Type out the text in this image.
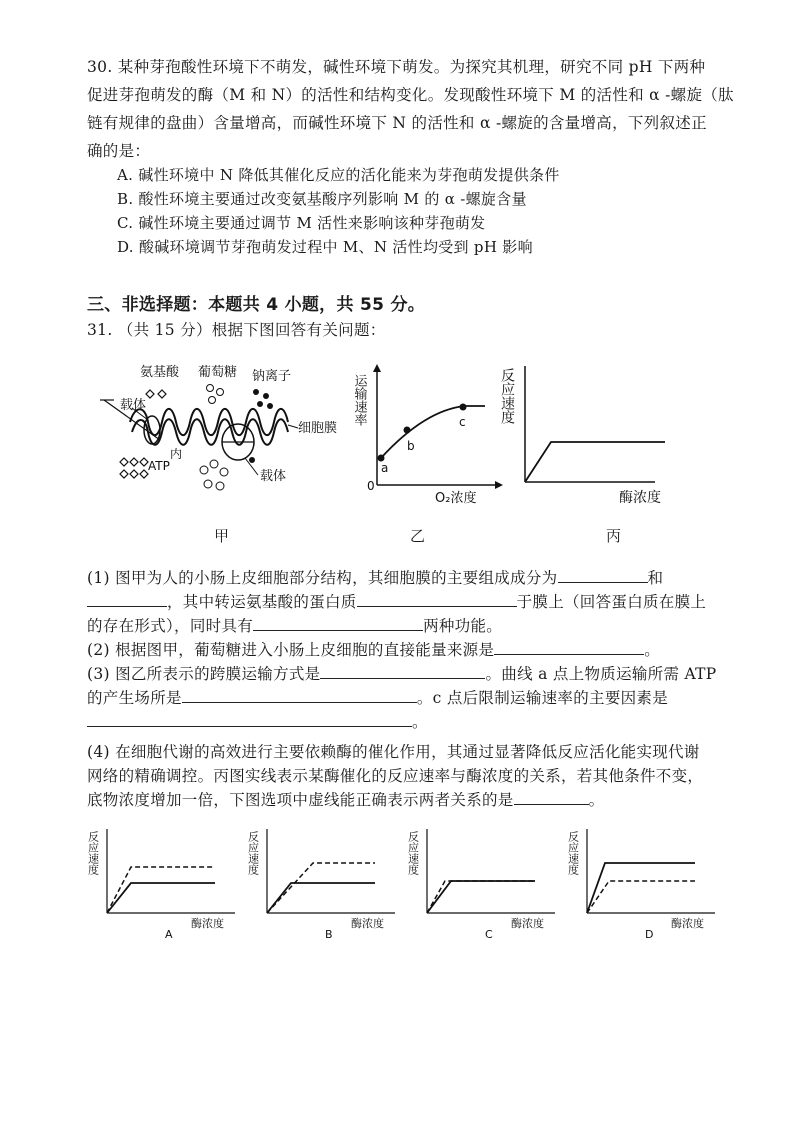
30. 某种芽孢酸性环境下不萌发，碱性环境下萌发。为探究其机理，研究不同 pH 下两种
促进芽孢萌发的酶（M 和 N）的活性和结构变化。发现酸性环境下 M 的活性和 α -螺旋（肽
链有规律的盘曲）含量增高，而碱性环境下 N 的活性和 α -螺旋的含量增高，下列叙述正
确的是：
A. 碱性环境中 N 降低其催化反应的活化能来为芽孢萌发提供条件
B. 酸性环境主要通过改变氨基酸序列影响 M 的 α -螺旋含量
C. 碱性环境主要通过调节 M 活性来影响该种芽孢萌发
D. 酸碱环境调节芽孢萌发过程中 M、N 活性均受到 pH 影响
三、非选择题：本题共 4 小题，共 55 分。
31. （共 15 分）根据下图回答有关问题：
氨基酸 葡萄糖 钠离子
载体
细胞膜
内
ATP
载体
甲
a
b
c
0
O₂浓度
运输速率
乙
反应速度
酶浓度
丙
(1) 图甲为人的小肠上皮细胞部分结构，其细胞膜的主要组成成分为	和
，其中转运氨基酸的蛋白质	于膜上（回答蛋白质在膜上
的存在形式），同时具有	两种功能。
(2) 根据图甲，葡萄糖进入小肠上皮细胞的直接能量来源是	。
(3) 图乙所表示的跨膜运输方式是	。曲线 a 点上物质运输所需 ATP
的产生场所是	。c 点后限制运输速率的主要因素是
。
(4) 在细胞代谢的高效进行主要依赖酶的催化作用，其通过显著降低反应活化能实现代谢
网络的精确调控。丙图实线表示某酶催化的反应速率与酶浓度的关系，若其他条件不变，
底物浓度增加一倍，下图选项中虚线能正确表示两者关系的是	。
反应速度
酶浓度
A
反应速度
酶浓度
B
反应速度
酶浓度
C
反应速度
酶浓度
D
